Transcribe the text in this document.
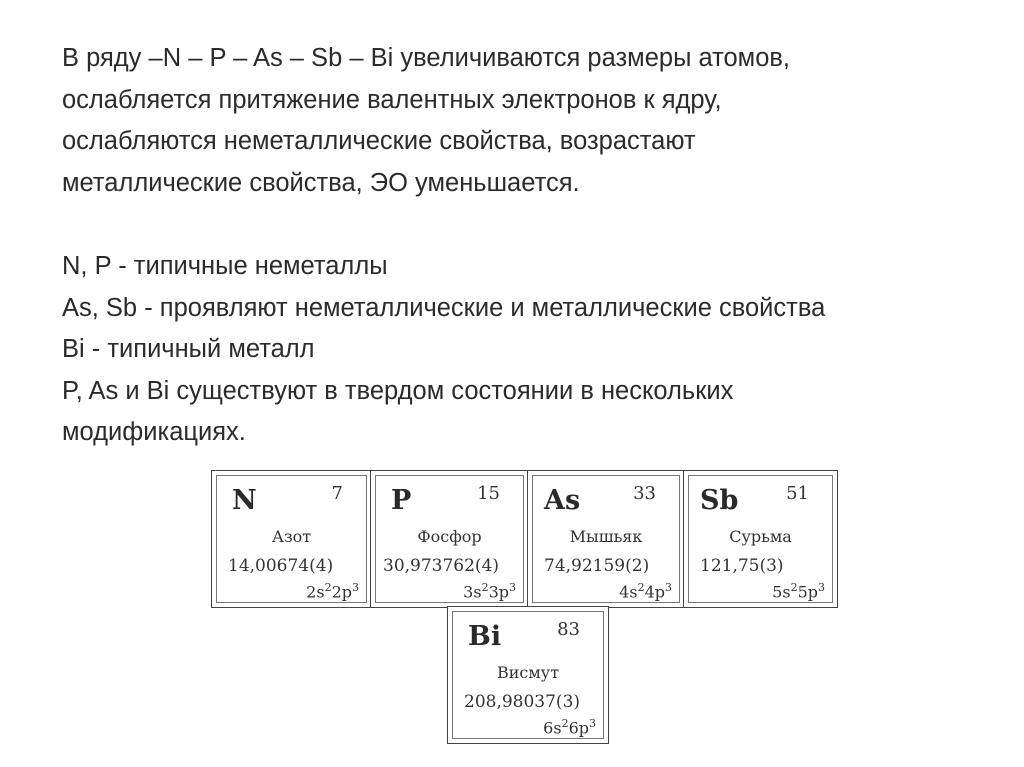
В ряду –N – P – As – Sb – Bi увеличиваются размеры атомов,

ослабляется притяжение валентных электронов к ядру,

ослабляются неметаллические свойства, возрастают

металлические свойства, ЭО уменьшается.

N, P - типичные неметаллы

As, Sb - проявляют неметаллические и металлические свойства

Bi - типичный металл

P, As и Bi существуют в твердом состоянии в нескольких

модификациях.

N	7
Азот
14,00674(4)
$2s^22p^3$
P	15
Фосфор
30,973762(4)
$3s^23p^3$
As	33
Мышьяк
74,92159(2)
$4s^24p^3$
Sb	51
Сурьма
121,75(3)
$5s^25p^3$
Bi	83
Висмут
208,98037(3)
$6s^26p^3$
